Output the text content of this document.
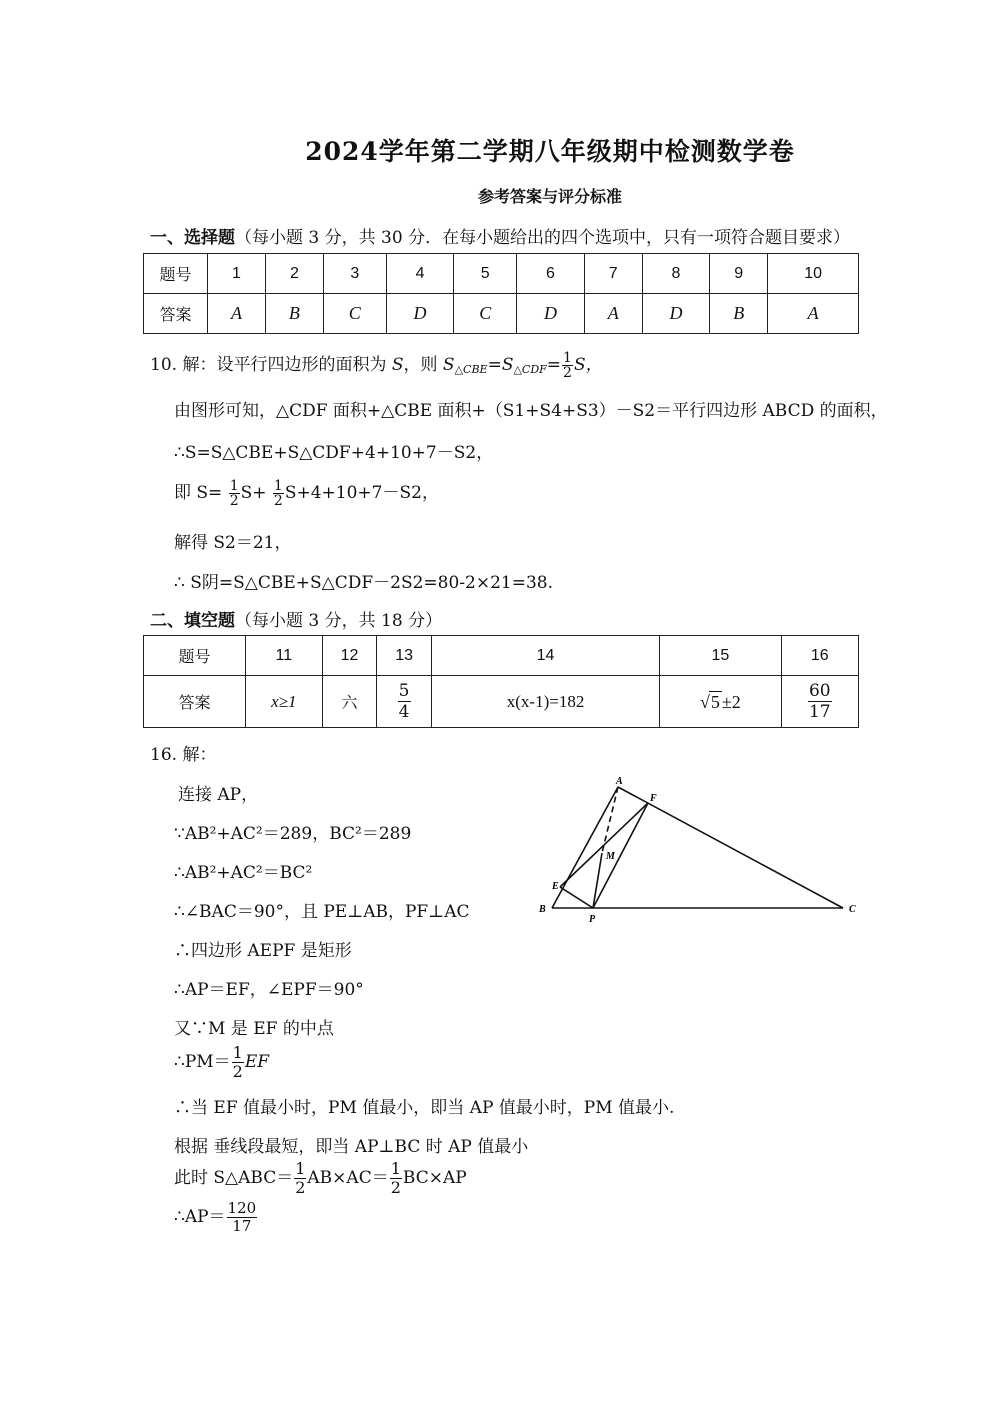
2024学年第二学期八年级期中检测数学卷
参考答案与评分标准
一、选择题（每小题 3 分，共 30 分．在每小题给出的四个选项中，只有一项符合题目要求）
题号	1	2	3	4	5	6	7	8	9	10
答案	A	B	C	D	C	D	A	D	B	A
10. 解：设平行四边形的面积为 S，则 $S_{\triangle CBE}=S_{\triangle CDF}= \frac{1}{2}$ S，
由图形可知，△CDF 面积+△CBE 面积+（S1+S4+S3）－S2＝平行四边形 ABCD 的面积，
∴S=S△CBE+S△CDF+4+10+7－S2，
即 $S= \frac{1}{2} S+ \frac{1}{2} S+4+10+7-S2$，
解得 S2＝21，
∴ S阴=S△CBE+S△CDF－2S2=80-2×21=38.
二、填空题（每小题 3 分，共 18 分）
题号	11	12	13	14	15	16
答案	x≥1	六	$\frac{5}{4}$	x(x-1)=182	√5 ±2	$\frac{60}{17}$
16. 解：
连接 AP，
∵AB²+AC²＝289，BC²＝289
∴AB²+AC²＝BC²
∴∠BAC＝90°，且 PE⊥AB，PF⊥AC
∴四边形 AEPF 是矩形
∴AP＝EF，∠EPF＝90°
又∵M 是 EF 的中点
∴PM＝ $\frac{1}{2}$ EF
∴当 EF 值最小时，PM 值最小，即当 AP 值最小时，PM 值最小.
根据 垂线段最短，即当 AP⊥BC 时 AP 值最小
此时 S△ABC＝ $\frac{1}{2} AB\times AC= \frac{1}{2} BC\times AP$
∴AP＝ $\frac{120}{17}$
A
F
M
E
B
P
C
